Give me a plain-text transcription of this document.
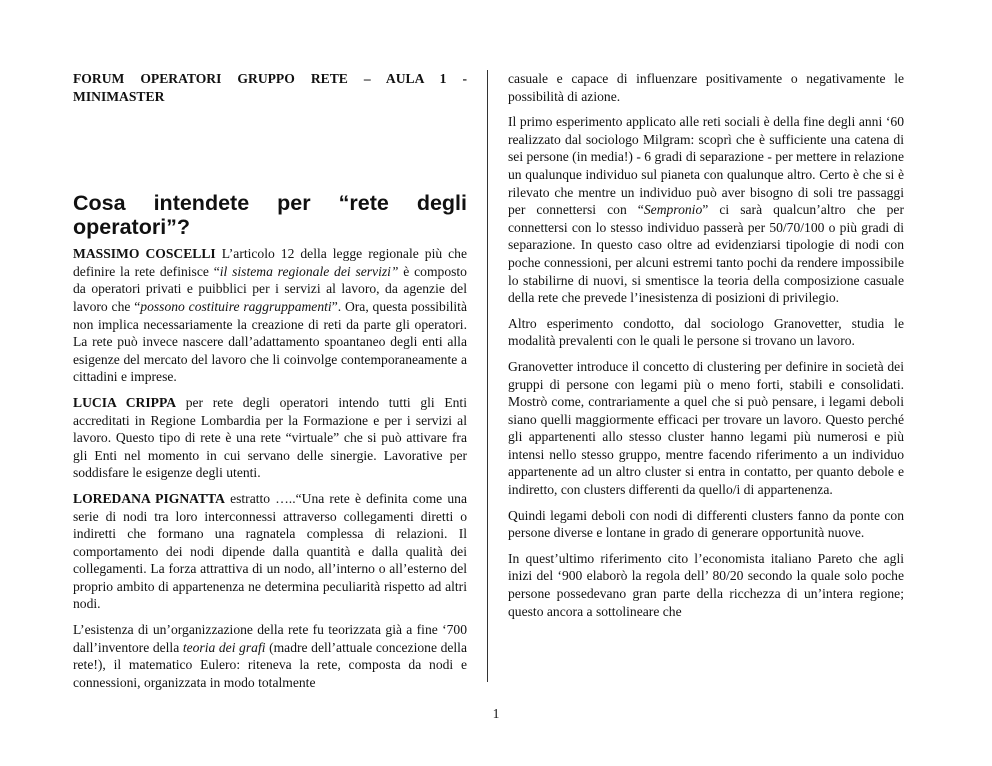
FORUM OPERATORI GRUPPO RETE – AULA 1 - MINIMASTER

Cosa intendete per “rete degli operatori”?

MASSIMO COSCELLI L’articolo 12 della legge regionale più che definire la rete definisce “il sistema regionale dei servizi” è composto da operatori privati e puibblici per i servizi al lavoro, da agenzie del lavoro che “possono costituire raggruppamenti”. Ora, questa possibilità non implica necessariamente la creazione di reti da parte gli operatori. La rete può invece nascere dall’adattamento spoantaneo degli enti alla esigenze del mercato del lavoro che li coinvolge contemporaneamente a cittadini e imprese.

LUCIA CRIPPA per rete degli operatori intendo tutti gli Enti accreditati in Regione Lombardia per la Formazione e per i servizi al lavoro. Questo tipo di rete è una rete “virtuale” che si può attivare fra gli Enti nel momento in cui servano delle sinergie. Lavorative per soddisfare le esigenze degli utenti.

LOREDANA PIGNATTA estratto …..“Una rete è definita come una serie di nodi tra loro interconnessi attraverso collegamenti diretti o indiretti che formano una ragnatela complessa di relazioni. Il comportamento dei nodi dipende dalla quantità e dalla qualità dei collegamenti. La forza attrattiva di un nodo, all’interno o all’esterno del proprio ambito di appartenenza ne determina peculiarità rispetto ad altri nodi.

L’esistenza di un’organizzazione della rete fu teorizzata già a fine ‘700 dall’inventore della teoria dei grafi (madre dell’attuale concezione della rete!), il matematico Eulero: riteneva la rete, composta da nodi e connessioni, organizzata in modo totalmente

casuale e capace di influenzare positivamente o negativamente le possibilità di azione.

Il primo esperimento applicato alle reti sociali è della fine degli anni ‘60 realizzato dal sociologo Milgram: scoprì che è sufficiente una catena di sei persone (in media!) - 6 gradi di separazione - per mettere in relazione un qualunque individuo sul pianeta con qualunque altro. Certo è che si è rilevato che mentre un individuo può aver bisogno di soli tre passaggi per connettersi con “Sempronio” ci sarà qualcun’altro che per connettersi con lo stesso individuo passerà per 50/70/100 o più gradi di separazione. In questo caso oltre ad evidenziarsi tipologie di nodi con poche connessioni, per alcuni estremi tanto pochi da rendere impossibile lo stabilirne di nuovi, si smentisce la teoria della composizione casuale della rete che prevede l’inesistenza di posizioni di privilegio.

Altro esperimento condotto, dal sociologo Granovetter, studia le modalità prevalenti con le quali le persone si trovano un lavoro.

Granovetter introduce il concetto di clustering per definire in società dei gruppi di persone con legami più o meno forti, stabili e consolidati. Mostrò come, contrariamente a quel che si può pensare, i legami deboli siano quelli maggiormente efficaci per trovare un lavoro. Questo perché gli appartenenti allo stesso cluster hanno legami più numerosi e più intensi nello stesso gruppo, mentre facendo riferimento a un individuo appartenente ad un altro cluster si entra in contatto, per quanto debole e indiretto, con clusters differenti da quello/i di appartenenza.

Quindi legami deboli con nodi di differenti clusters fanno da ponte con persone diverse e lontane in grado di generare opportunità nuove.

In quest’ultimo riferimento cito l’economista italiano Pareto che agli inizi del ‘900 elaborò la regola dell’ 80/20 secondo la quale solo poche persone possedevano gran parte della ricchezza di un’intera regione; questo ancora a sottolineare che

1
